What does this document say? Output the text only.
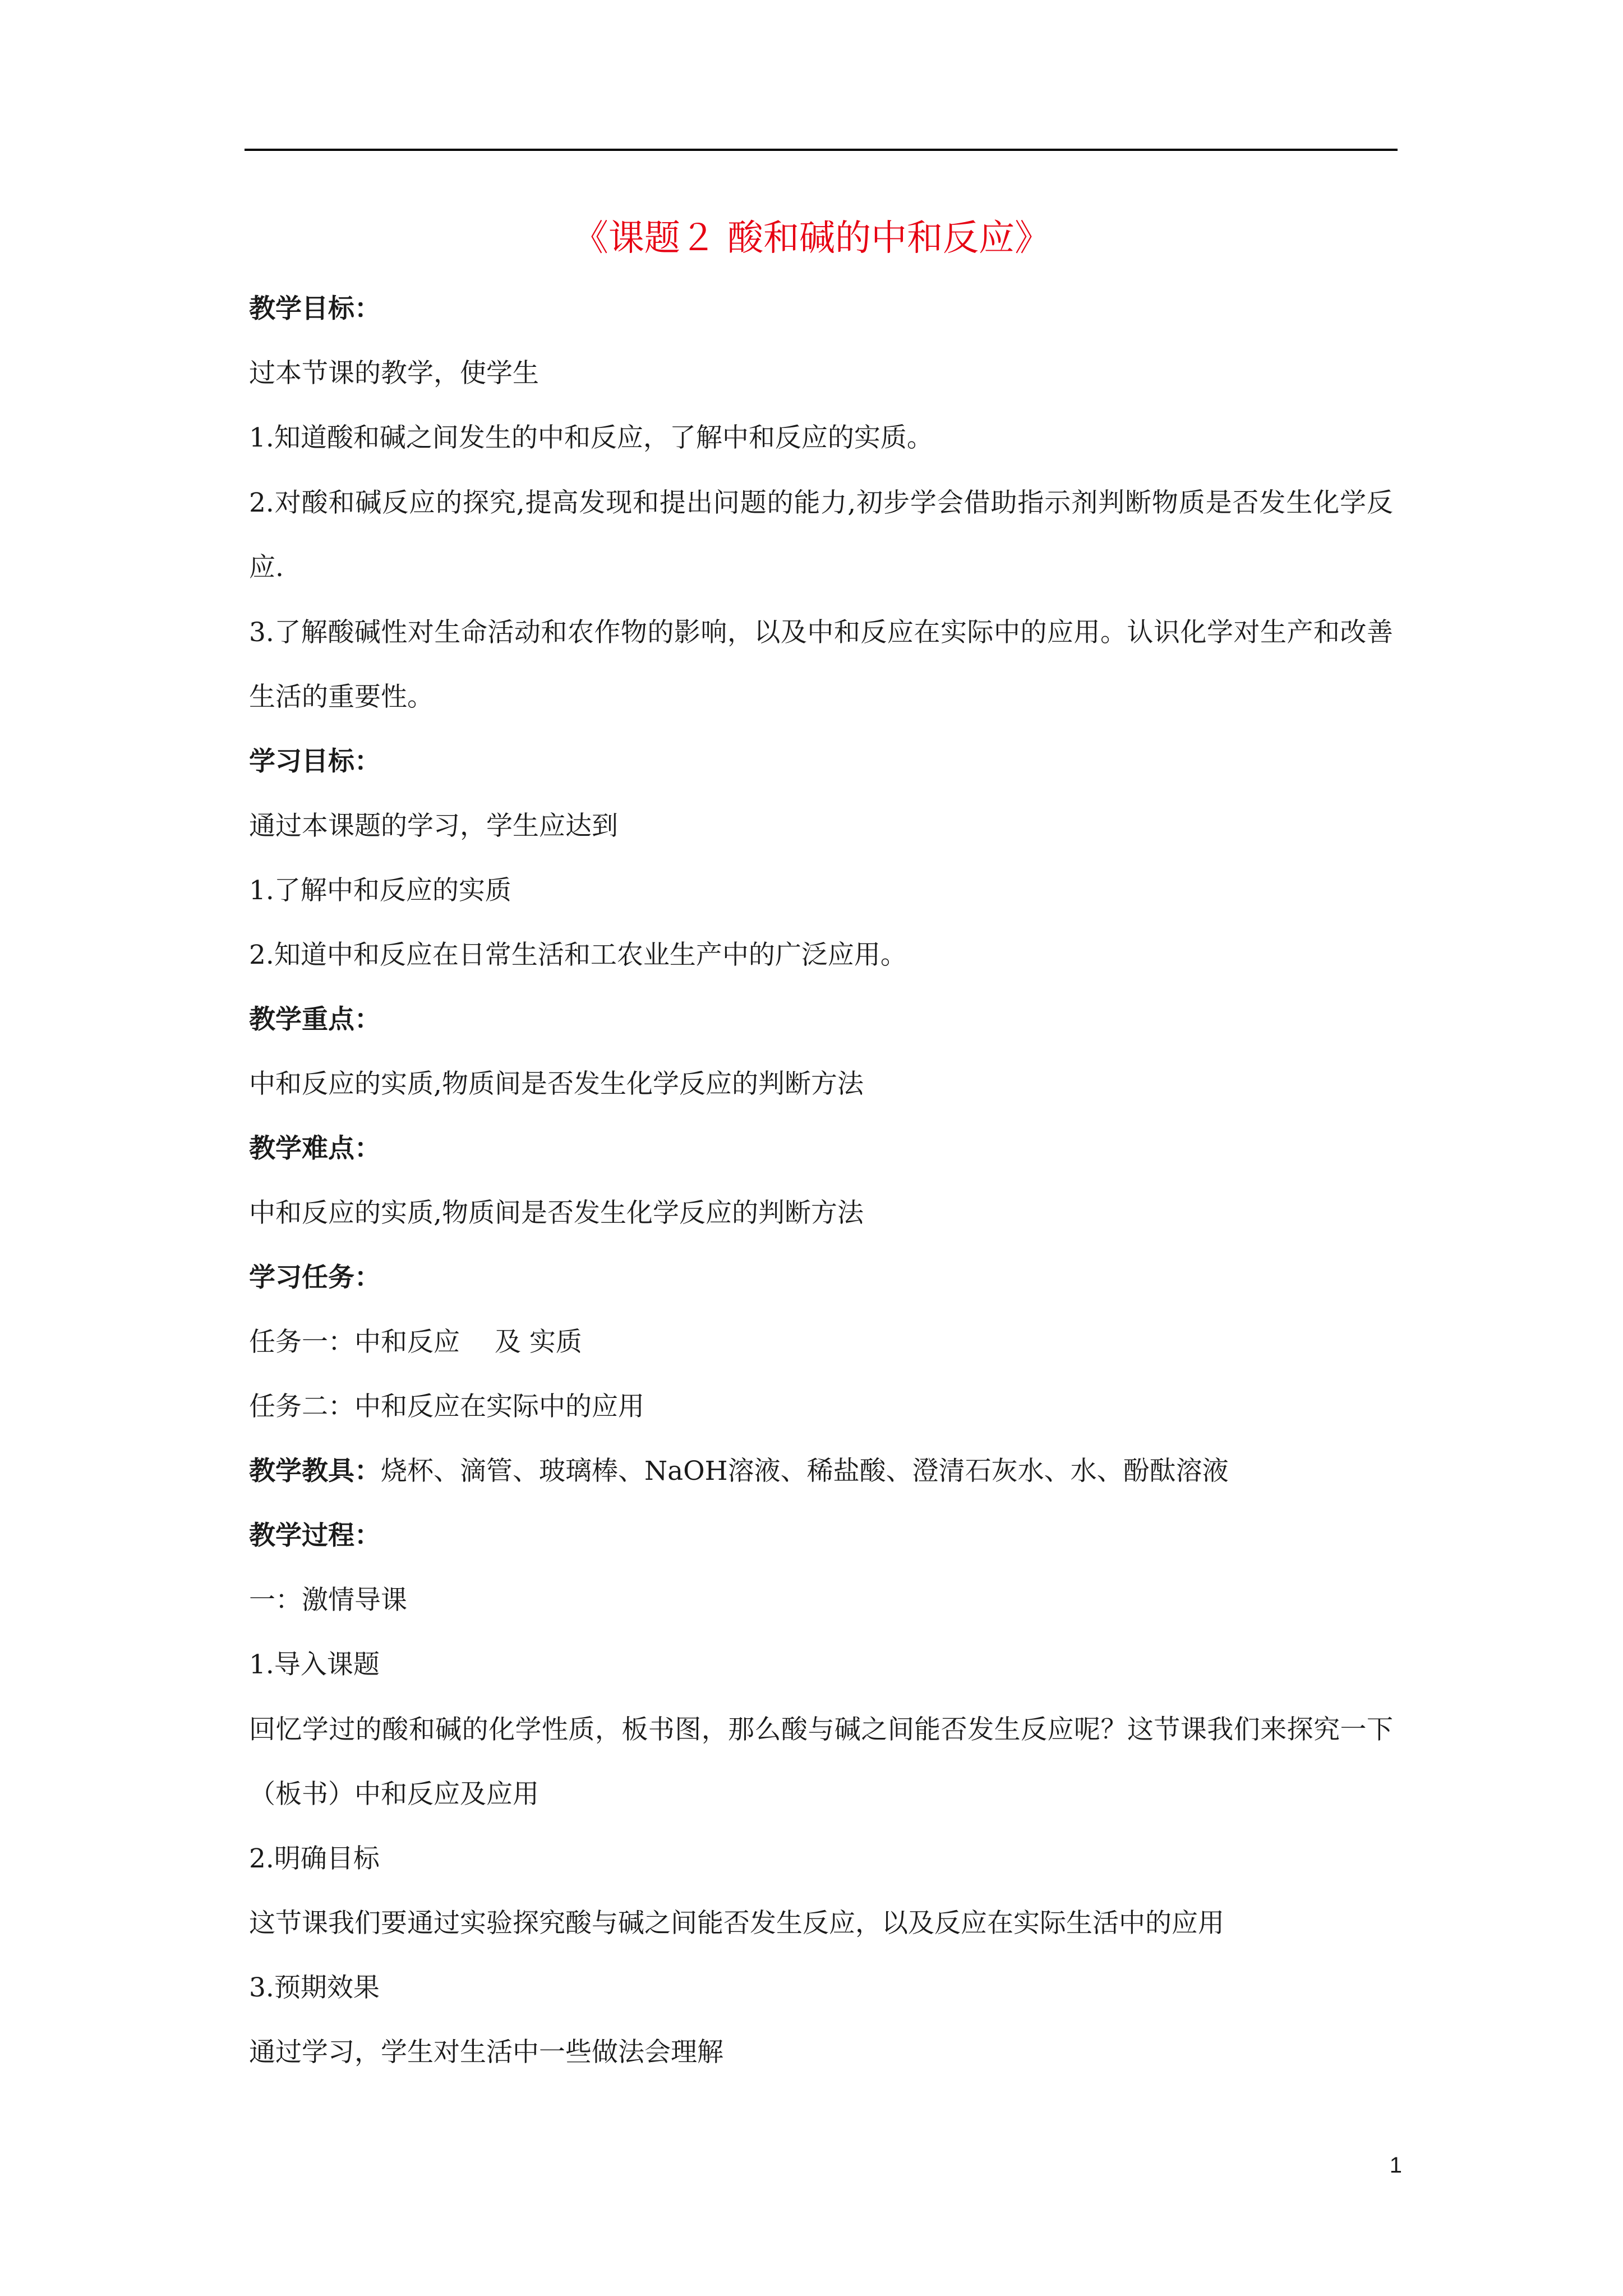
《课题２ 酸和碱的中和反应》
教学目标：
过本节课的教学，使学生
1.知道酸和碱之间发生的中和反应，了解中和反应的实质。
2.对酸和碱反应的探究,提高发现和提出问题的能力,初步学会借助指示剂判断物质是否发生化学反应.
3.了解酸碱性对生命活动和农作物的影响，以及中和反应在实际中的应用。认识化学对生产和改善生活的重要性。
学习目标：
通过本课题的学习，学生应达到
1.了解中和反应的实质
2.知道中和反应在日常生活和工农业生产中的广泛应用。
教学重点：
中和反应的实质,物质间是否发生化学反应的判断方法
教学难点：
中和反应的实质,物质间是否发生化学反应的判断方法
学习任务：
任务一：中和反应　 及 实质
任务二：中和反应在实际中的应用
教学教具：烧杯、滴管、玻璃棒、NaOH溶液、稀盐酸、澄清石灰水、水、酚酞溶液
教学过程：
一：激情导课
1.导入课题
回忆学过的酸和碱的化学性质，板书图，那么酸与碱之间能否发生反应呢？这节课我们来探究一下（板书）中和反应及应用
2.明确目标
这节课我们要通过实验探究酸与碱之间能否发生反应，以及反应在实际生活中的应用
3.预期效果
通过学习，学生对生活中一些做法会理解
1
